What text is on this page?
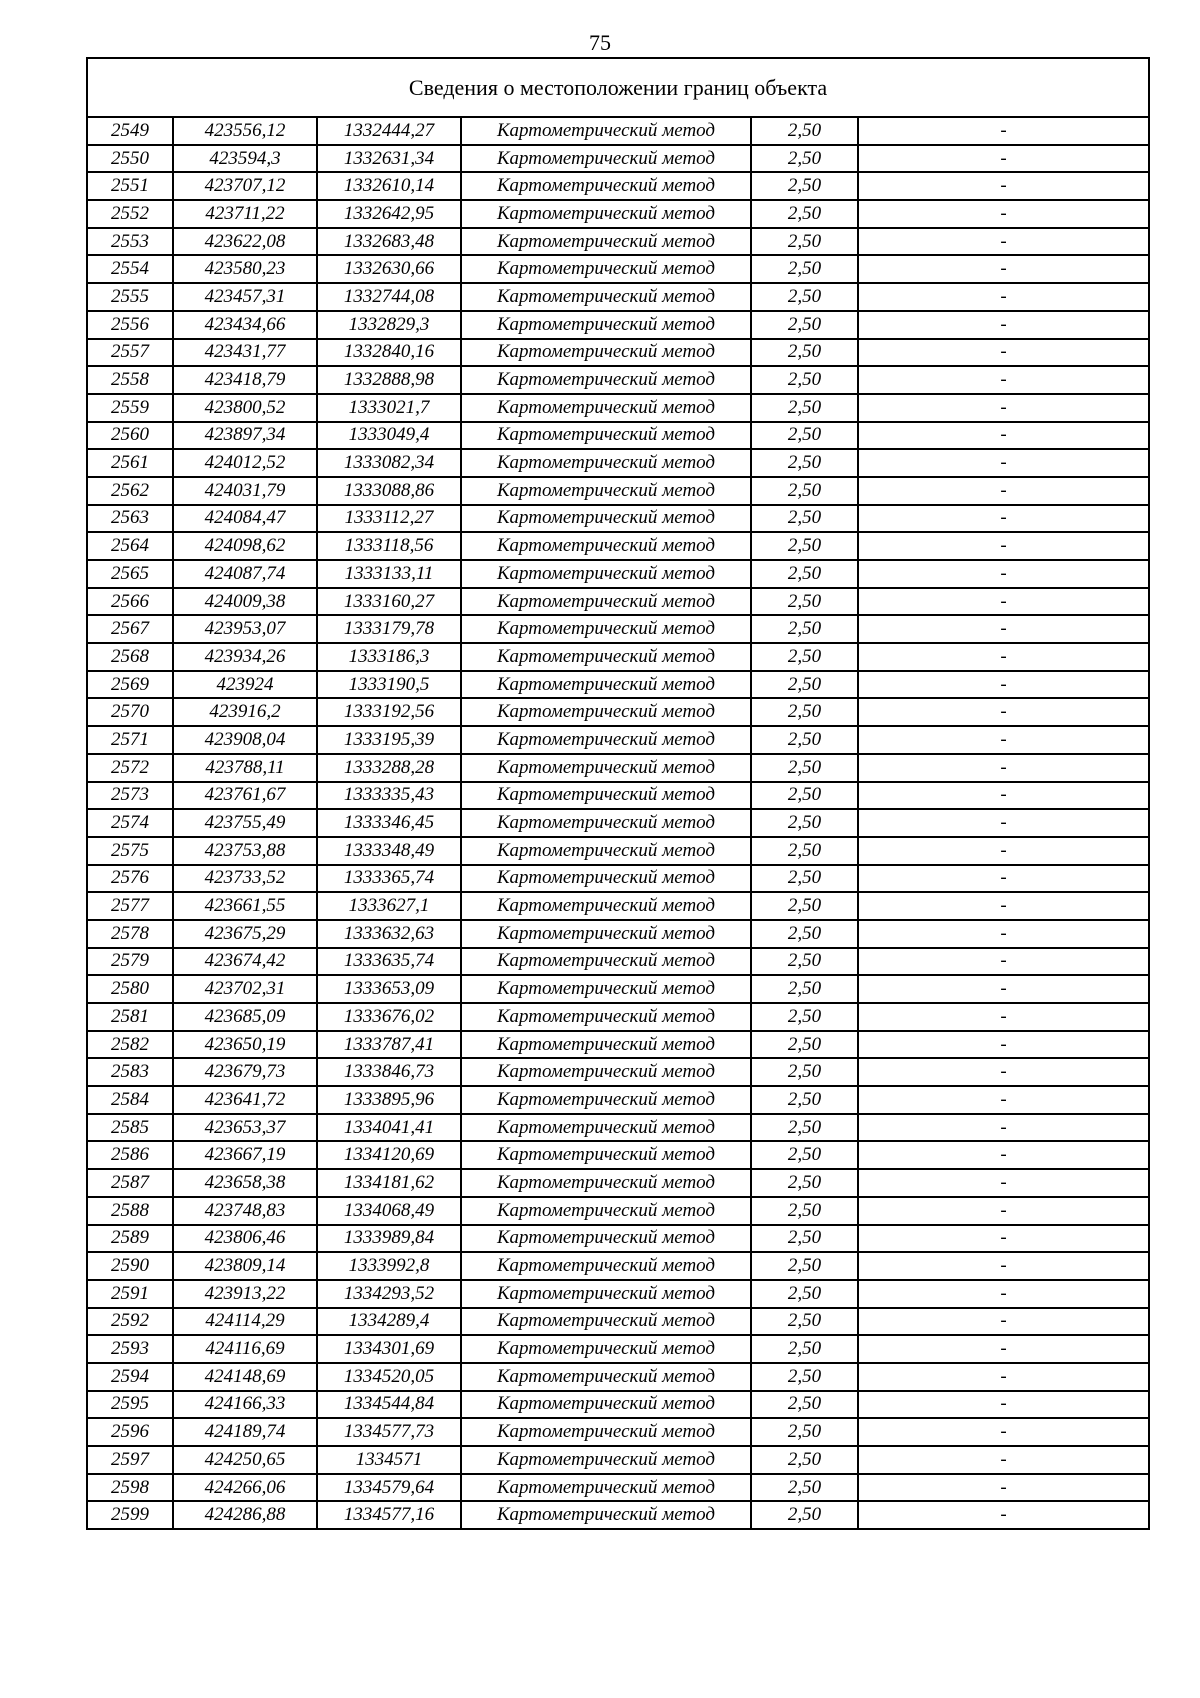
75
Сведения о местоположении границ объекта					
2549	423556,12	1332444,27	Картометрический метод	2,50	-
2550	423594,3	1332631,34	Картометрический метод	2,50	-
2551	423707,12	1332610,14	Картометрический метод	2,50	-
2552	423711,22	1332642,95	Картометрический метод	2,50	-
2553	423622,08	1332683,48	Картометрический метод	2,50	-
2554	423580,23	1332630,66	Картометрический метод	2,50	-
2555	423457,31	1332744,08	Картометрический метод	2,50	-
2556	423434,66	1332829,3	Картометрический метод	2,50	-
2557	423431,77	1332840,16	Картометрический метод	2,50	-
2558	423418,79	1332888,98	Картометрический метод	2,50	-
2559	423800,52	1333021,7	Картометрический метод	2,50	-
2560	423897,34	1333049,4	Картометрический метод	2,50	-
2561	424012,52	1333082,34	Картометрический метод	2,50	-
2562	424031,79	1333088,86	Картометрический метод	2,50	-
2563	424084,47	1333112,27	Картометрический метод	2,50	-
2564	424098,62	1333118,56	Картометрический метод	2,50	-
2565	424087,74	1333133,11	Картометрический метод	2,50	-
2566	424009,38	1333160,27	Картометрический метод	2,50	-
2567	423953,07	1333179,78	Картометрический метод	2,50	-
2568	423934,26	1333186,3	Картометрический метод	2,50	-
2569	423924	1333190,5	Картометрический метод	2,50	-
2570	423916,2	1333192,56	Картометрический метод	2,50	-
2571	423908,04	1333195,39	Картометрический метод	2,50	-
2572	423788,11	1333288,28	Картометрический метод	2,50	-
2573	423761,67	1333335,43	Картометрический метод	2,50	-
2574	423755,49	1333346,45	Картометрический метод	2,50	-
2575	423753,88	1333348,49	Картометрический метод	2,50	-
2576	423733,52	1333365,74	Картометрический метод	2,50	-
2577	423661,55	1333627,1	Картометрический метод	2,50	-
2578	423675,29	1333632,63	Картометрический метод	2,50	-
2579	423674,42	1333635,74	Картометрический метод	2,50	-
2580	423702,31	1333653,09	Картометрический метод	2,50	-
2581	423685,09	1333676,02	Картометрический метод	2,50	-
2582	423650,19	1333787,41	Картометрический метод	2,50	-
2583	423679,73	1333846,73	Картометрический метод	2,50	-
2584	423641,72	1333895,96	Картометрический метод	2,50	-
2585	423653,37	1334041,41	Картометрический метод	2,50	-
2586	423667,19	1334120,69	Картометрический метод	2,50	-
2587	423658,38	1334181,62	Картометрический метод	2,50	-
2588	423748,83	1334068,49	Картометрический метод	2,50	-
2589	423806,46	1333989,84	Картометрический метод	2,50	-
2590	423809,14	1333992,8	Картометрический метод	2,50	-
2591	423913,22	1334293,52	Картометрический метод	2,50	-
2592	424114,29	1334289,4	Картометрический метод	2,50	-
2593	424116,69	1334301,69	Картометрический метод	2,50	-
2594	424148,69	1334520,05	Картометрический метод	2,50	-
2595	424166,33	1334544,84	Картометрический метод	2,50	-
2596	424189,74	1334577,73	Картометрический метод	2,50	-
2597	424250,65	1334571	Картометрический метод	2,50	-
2598	424266,06	1334579,64	Картометрический метод	2,50	-
2599	424286,88	1334577,16	Картометрический метод	2,50	-
